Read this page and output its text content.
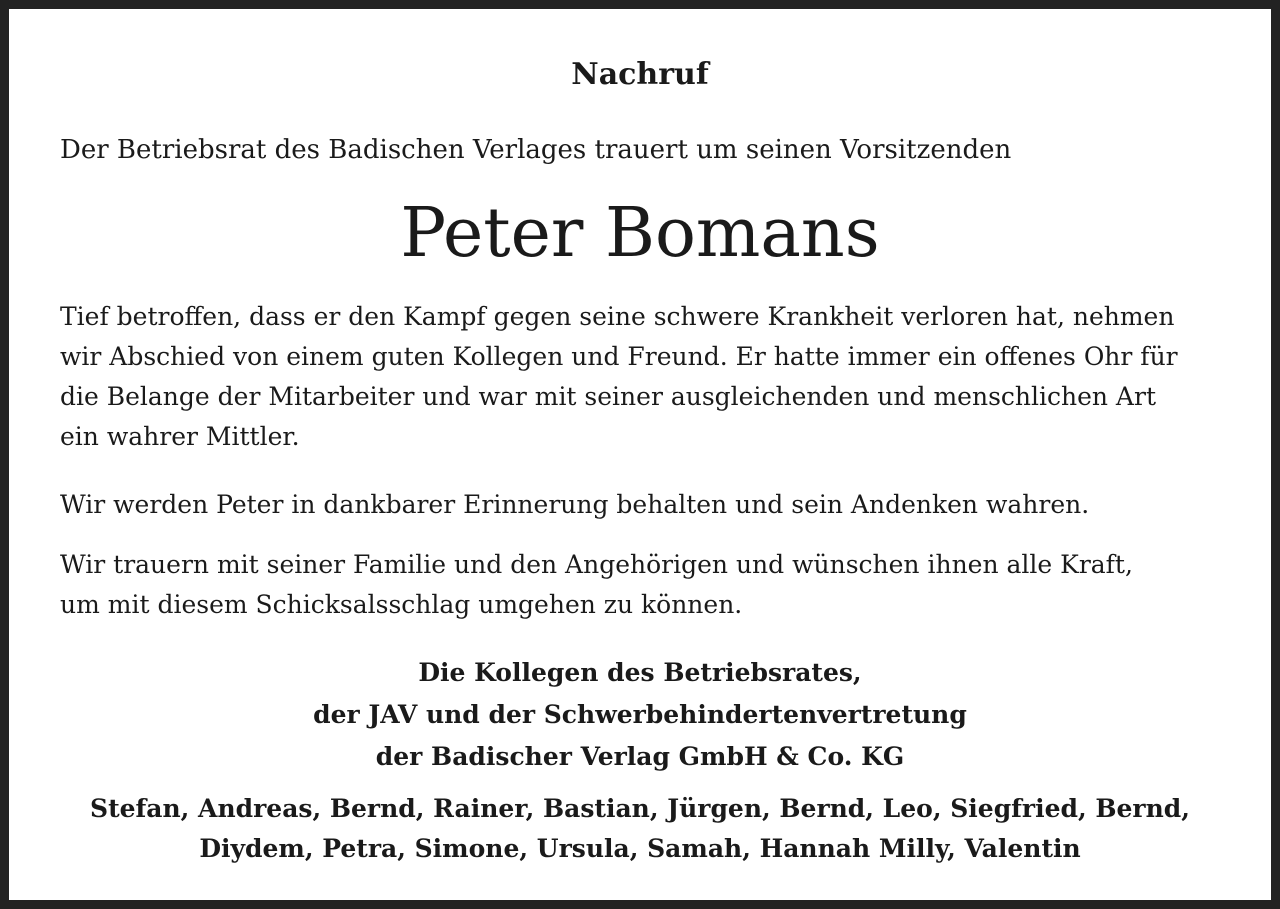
Nachruf
Der Betriebsrat des Badischen Verlages trauert um seinen Vorsitzenden
Peter Bomans
Tief betroffen, dass er den Kampf gegen seine schwere Krankheit verloren hat, nehmen
wir Abschied von einem guten Kollegen und Freund. Er hatte immer ein offenes Ohr für
die Belange der Mitarbeiter und war mit seiner ausgleichenden und menschlichen Art
ein wahrer Mittler.
Wir werden Peter in dankbarer Erinnerung behalten und sein Andenken wahren.
Wir trauern mit seiner Familie und den Angehörigen und wünschen ihnen alle Kraft,
um mit diesem Schicksalsschlag umgehen zu können.
Die Kollegen des Betriebsrates,
der JAV und der Schwerbehindertenvertretung
der Badischer Verlag GmbH & Co. KG
Stefan, Andreas, Bernd, Rainer, Bastian, Jürgen, Bernd, Leo, Siegfried, Bernd,
Diydem, Petra, Simone, Ursula, Samah, Hannah Milly, Valentin
